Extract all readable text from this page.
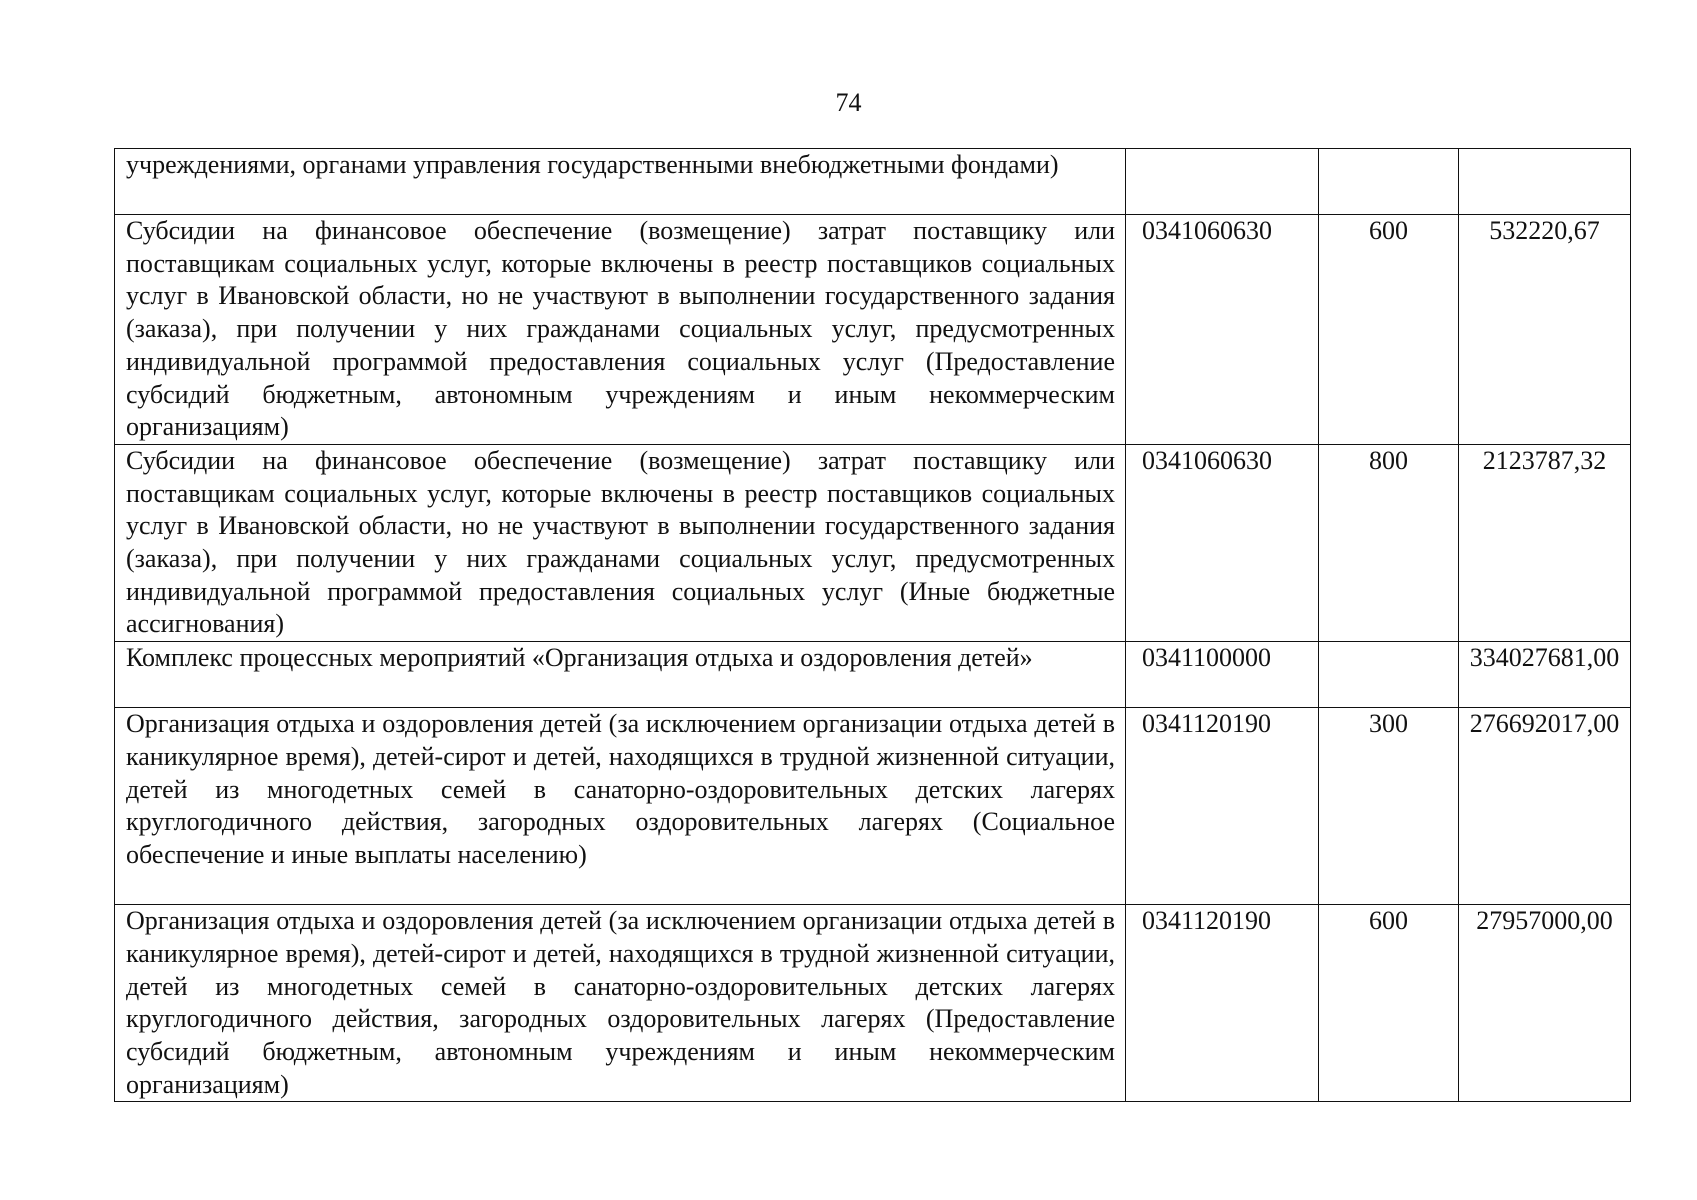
74
учреждениями, органами управления государственными внебюджетными фондами)			
Субсидии на финансовое обеспечение (возмещение) затрат поставщику или поставщикам социальных услуг, которые включены в реестр поставщиков социальных услуг в Ивановской области, но не участвуют в выполнении государственного задания (заказа), при получении у них гражданами социальных услуг, предусмотренных индивидуальной программой предоставления социальных услуг (Предоставление субсидий бюджетным, автономным учреждениям и иным некоммерческим организациям)	0341060630	600	532220,67
Субсидии на финансовое обеспечение (возмещение) затрат поставщику или поставщикам социальных услуг, которые включены в реестр поставщиков социальных услуг в Ивановской области, но не участвуют в выполнении государственного задания (заказа), при получении у них гражданами социальных услуг, предусмотренных индивидуальной программой предоставления социальных услуг (Иные бюджетные ассигнования)	0341060630	800	2123787,32
Комплекс процессных мероприятий «Организация отдыха и оздоровления детей»	0341100000		334027681,00
Организация отдыха и оздоровления детей (за исключением организации отдыха детей в каникулярное время), детей-сирот и детей, находящихся в трудной жизненной ситуации, детей из многодетных семей в санаторно-оздоровительных детских лагерях круглогодичного действия, загородных оздоровительных лагерях (Социальное обеспечение и иные выплаты населению)	0341120190	300	276692017,00
Организация отдыха и оздоровления детей (за исключением организации отдыха детей в каникулярное время), детей-сирот и детей, находящихся в трудной жизненной ситуации, детей из многодетных семей в санаторно-оздоровительных детских лагерях круглогодичного действия, загородных оздоровительных лагерях (Предоставление субсидий бюджетным, автономным учреждениям и иным некоммерческим организациям)	0341120190	600	27957000,00
